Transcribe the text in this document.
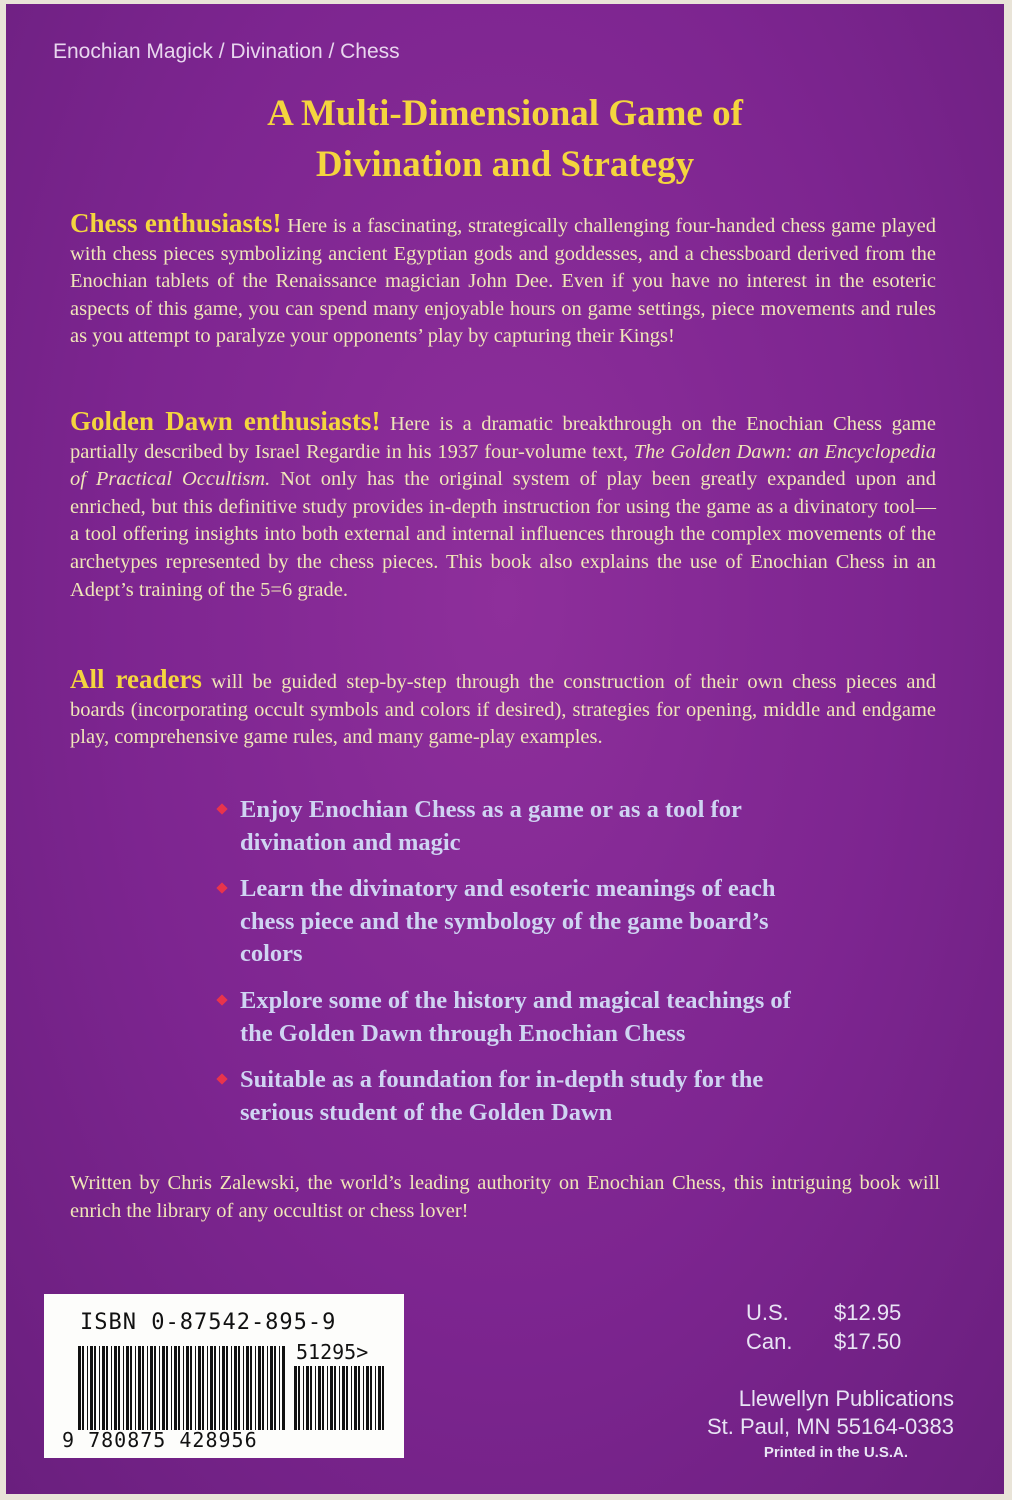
Enochian Magick / Divination / Chess
A Multi-Dimensional Game of
Divination and Strategy

Chess enthusiasts! Here is a fascinating, strategically challenging four-handed chess game played with chess pieces symbolizing ancient Egyptian gods and goddesses, and a chessboard derived from the Enochian tablets of the Renaissance magician John Dee. Even if you have no interest in the esoteric aspects of this game, you can spend many enjoyable hours on game settings, piece movements and rules as you attempt to paralyze your opponents’ play by capturing their Kings!

Golden Dawn enthusiasts! Here is a dramatic breakthrough on the Enochian Chess game partially described by Israel Regardie in his 1937 four-volume text, The Golden Dawn: an Encyclopedia of Practical Occultism. Not only has the original system of play been greatly expanded upon and enriched, but this definitive study provides in-depth instruction for using the game as a divinatory tool—a tool offering insights into both external and internal influences through the complex movements of the archetypes represented by the chess pieces. This book also explains the use of Enochian Chess in an Adept’s training of the 5=6 grade.

All readers will be guided step-by-step through the construction of their own chess pieces and boards (incorporating occult symbols and colors if desired), strategies for opening, middle and endgame play, comprehensive game rules, and many game-play examples.

Enjoy Enochian Chess as a game or as a tool for divination and magic
Learn the divinatory and esoteric meanings of each chess piece and the symbology of the game board’s colors
Explore some of the history and magical teachings of the Golden Dawn through Enochian Chess
Suitable as a foundation for in-depth study for the serious student of the Golden Dawn

Written by Chris Zalewski, the world’s leading authority on Enochian Chess, this intriguing book will enrich the library of any occultist or chess lover!

ISBN 0-87542-895-9
51295>
9 780875 428956
U.S. $12.95
Can. $17.50
Llewellyn Publications
St. Paul, MN 55164-0383
Printed in the U.S.A.
